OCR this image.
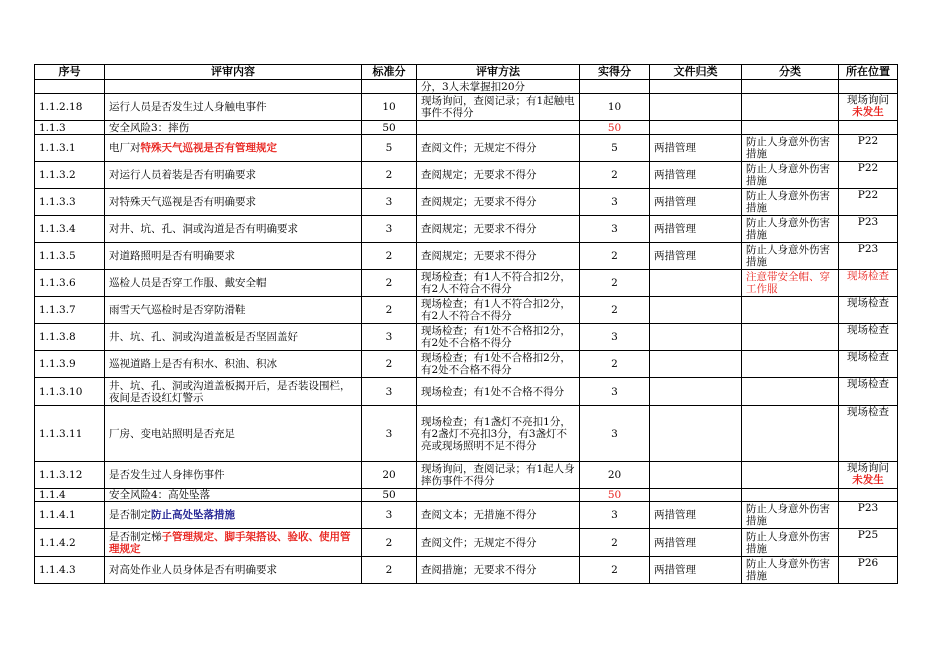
序号	评审内容	标准分	评审方法	实得分	文件归类	分类	所在位置
			分，3人未掌握扣20分				
1.1.2.18	运行人员是否发生过人身触电事件	10	现场询问，查阅记录；有1起触电事件不得分	10			现场询问
未发生

1.1.3	安全风险3：摔伤	50		50			
1.1.3.1	电厂对特殊天气巡视是否有管理规定	5	查阅文件；无规定不得分	5	两措管理	防止人身意外伤害措施	P22

1.1.3.2	对运行人员着装是否有明确要求	2	查阅规定；无要求不得分	2	两措管理	防止人身意外伤害措施	P22

1.1.3.3	对特殊天气巡视是否有明确要求	3	查阅规定；无要求不得分	3	两措管理	防止人身意外伤害措施	P22

1.1.3.4	对井、坑、孔、洞或沟道是否有明确要求	3	查阅规定；无要求不得分	3	两措管理	防止人身意外伤害措施	P23

1.1.3.5	对道路照明是否有明确要求	2	查阅规定；无要求不得分	2	两措管理	防止人身意外伤害措施	P23

1.1.3.6	巡检人员是否穿工作服、戴安全帽	2	现场检查；有1人不符合扣2分，有2人不符合不得分	2		注意带安全帽、穿工作服	现场检查

1.1.3.7	雨雪天气巡检时是否穿防滑鞋	2	现场检查；有1人不符合扣2分，有2人不符合不得分	2			现场检查

1.1.3.8	井、坑、孔、洞或沟道盖板是否坚固盖好	3	现场检查；有1处不合格扣2分，有2处不合格不得分	3			现场检查

1.1.3.9	巡视道路上是否有积水、积油、积冰	2	现场检查；有1处不合格扣2分，有2处不合格不得分	2			现场检查

1.1.3.10	井、坑、孔、洞或沟道盖板揭开后，是否装设围栏，夜间是否设红灯警示	3	现场检查；有1处不合格不得分	3			现场检查

1.1.3.11	厂房、变电站照明是否充足	3	现场检查；有1盏灯不亮扣1分，有2盏灯不亮扣3分，有3盏灯不亮或现场照明不足不得分	3			现场检查

1.1.3.12	是否发生过人身摔伤事件	20	现场询问，查阅记录；有1起人身摔伤事件不得分	20			现场询问
未发生

1.1.4	安全风险4：高处坠落	50		50			
1.1.4.1	是否制定防止高处坠落措施	3	查阅文本；无措施不得分	3	两措管理	防止人身意外伤害措施	P23

1.1.4.2	是否制定梯子管理规定、脚手架搭设、验收、使用管理规定	2	查阅文件；无规定不得分	2	两措管理	防止人身意外伤害措施	P25

1.1.4.3	对高处作业人员身体是否有明确要求	2	查阅措施；无要求不得分	2	两措管理	防止人身意外伤害措施	P26
